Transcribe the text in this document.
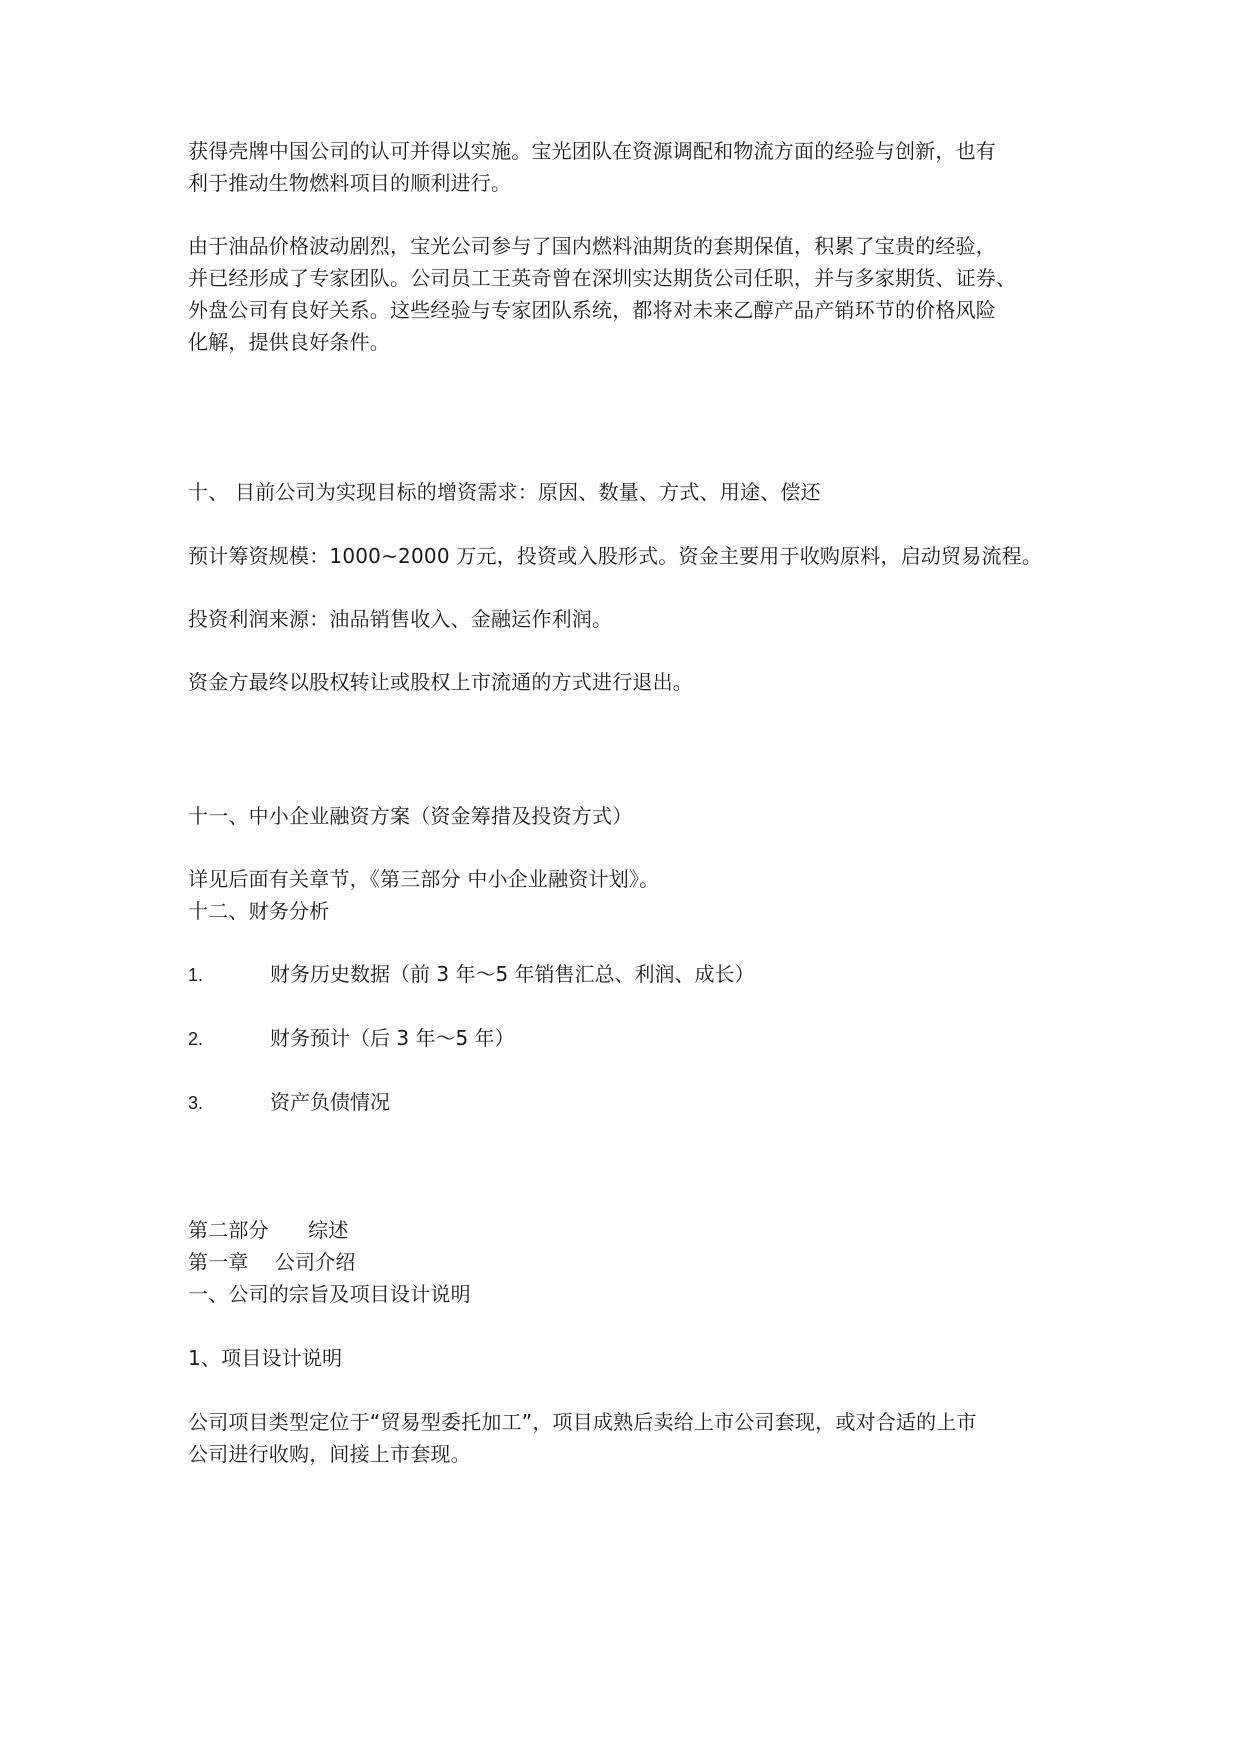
获得壳牌中国公司的认可并得以实施。宝光团队在资源调配和物流方面的经验与创新，也有
利于推动生物燃料项目的顺利进行。
由于油品价格波动剧烈，宝光公司参与了国内燃料油期货的套期保值，积累了宝贵的经验，
并已经形成了专家团队。公司员工王英奇曾在深圳实达期货公司任职，并与多家期货、证券、
外盘公司有良好关系。这些经验与专家团队系统，都将对未来乙醇产品产销环节的价格风险
化解，提供良好条件。
十、 目前公司为实现目标的增资需求：原因、数量、方式、用途、偿还
预计筹资规模：1000~2000 万元，投资或入股形式。资金主要用于收购原料，启动贸易流程。
投资利润来源：油品销售收入、金融运作利润。
资金方最终以股权转让或股权上市流通的方式进行退出。
十一、中小企业融资方案（资金筹措及投资方式）
详见后面有关章节，《第三部分 中小企业融资计划》。
十二、财务分析
1.	财务历史数据（前 3 年～5 年销售汇总、利润、成长）
2.	财务预计（后 3 年～5 年）
3.	资产负债情况
第二部分      综述
第一章    公司介绍
一、公司的宗旨及项目设计说明
1、项目设计说明
公司项目类型定位于“贸易型委托加工”，项目成熟后卖给上市公司套现，或对合适的上市
公司进行收购，间接上市套现。
